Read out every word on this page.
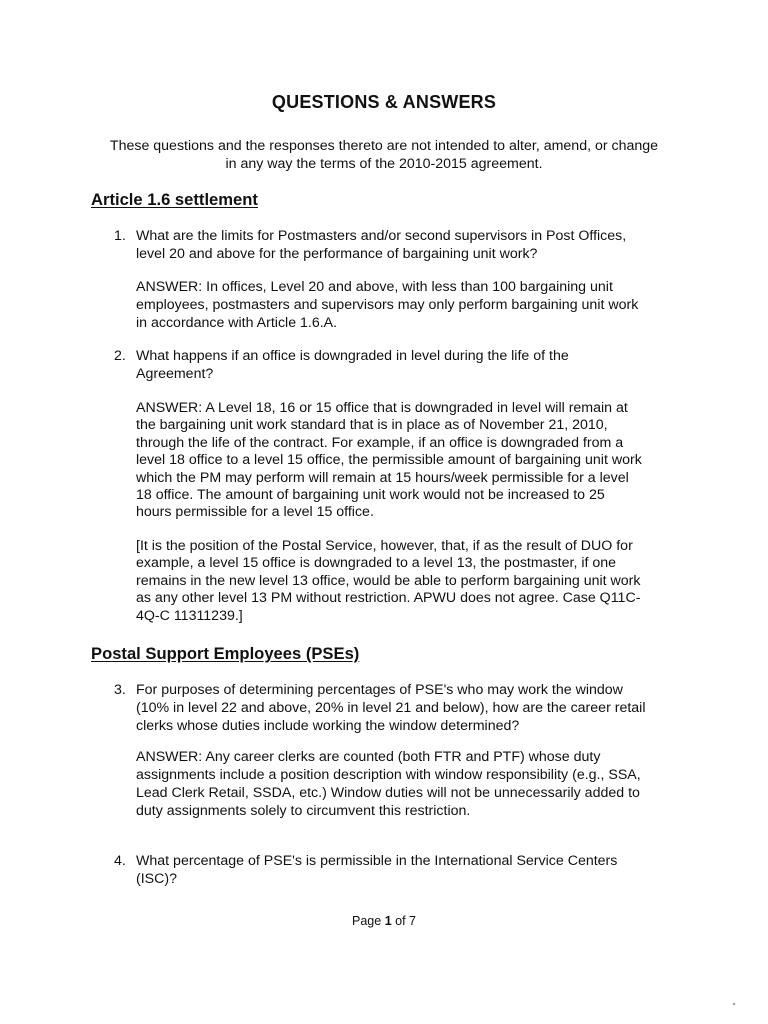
QUESTIONS & ANSWERS
These questions and the responses thereto are not intended to alter, amend, or change
in any way the terms of the 2010-2015 agreement.
Article 1.6 settlement
1. What are the limits for Postmasters and/or second supervisors in Post Offices,
level 20 and above for the performance of bargaining unit work?
ANSWER: In offices, Level 20 and above, with less than 100 bargaining unit
employees, postmasters and supervisors may only perform bargaining unit work
in accordance with Article 1.6.A.
2. What happens if an office is downgraded in level during the life of the
Agreement?
ANSWER: A Level 18, 16 or 15 office that is downgraded in level will remain at
the bargaining unit work standard that is in place as of November 21, 2010,
through the life of the contract. For example, if an office is downgraded from a
level 18 office to a level 15 office, the permissible amount of bargaining unit work
which the PM may perform will remain at 15 hours/week permissible for a level
18 office. The amount of bargaining unit work would not be increased to 25
hours permissible for a level 15 office.
[It is the position of the Postal Service, however, that, if as the result of DUO for
example, a level 15 office is downgraded to a level 13, the postmaster, if one
remains in the new level 13 office, would be able to perform bargaining unit work
as any other level 13 PM without restriction. APWU does not agree. Case Q11C-
4Q-C 11311239.]
Postal Support Employees (PSEs)
3. For purposes of determining percentages of PSE's who may work the window
(10% in level 22 and above, 20% in level 21 and below), how are the career retail
clerks whose duties include working the window determined?
ANSWER: Any career clerks are counted (both FTR and PTF) whose duty
assignments include a position description with window responsibility (e.g., SSA,
Lead Clerk Retail, SSDA, etc.) Window duties will not be unnecessarily added to
duty assignments solely to circumvent this restriction.
4. What percentage of PSE's is permissible in the International Service Centers
(ISC)?
Page 1 of 7
